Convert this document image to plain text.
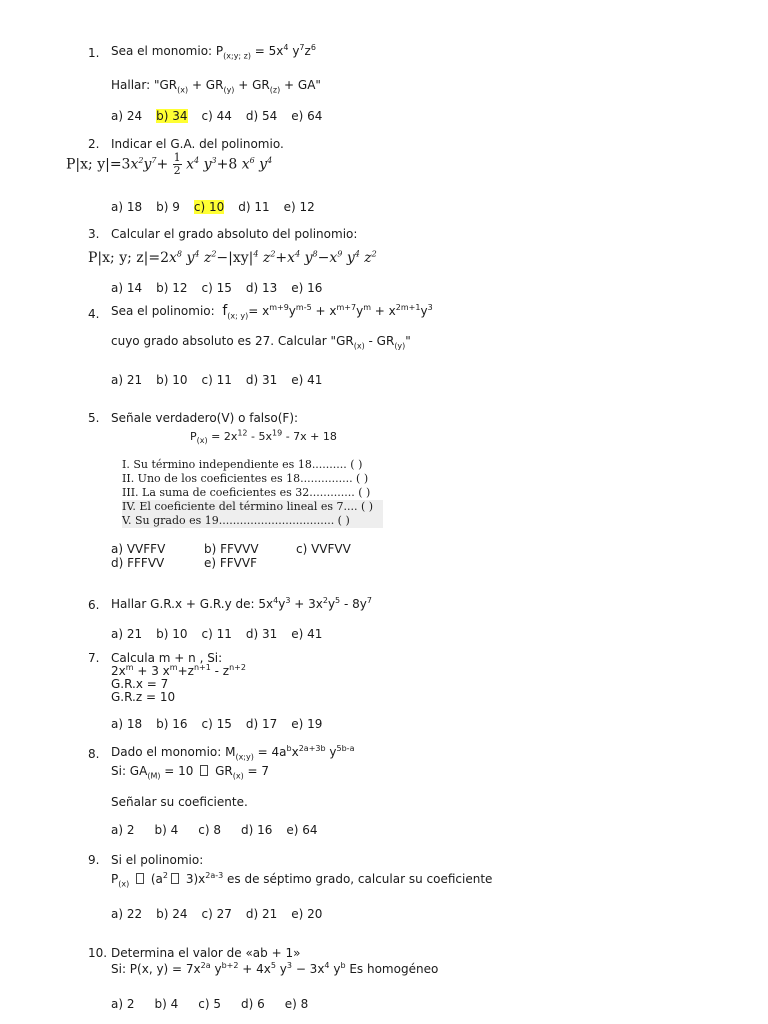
1. Sea el monomio: $P_{(x;y; z)} = 5x^4$ $y^7z^6$
Hallar: "$GR_{(x)} + GR_{(y)} + GR_{(z)}$ + GA"
a) 24 b) 34 c) 44 d) 54 e) 64
2. Indicar el G.A. del polinomio.
P|x; $y|=3x^2y^7+ \frac{1}{2} x^4$ $y^3+8$ $x^6$ $y^4$
a) 18 b) 9 c) 10 d) 11 e) 12
3. Calcular el grado absoluto del polinomio:
P|x; y; $z|=2x^8$ $y^4$ $z^2-|xy|^4$ $z^2+x^4$ $y^8-x^9$ $y^4$ $z^2$
a) 14 b) 12 c) 15 d) 13 e) 16
4. Sea el polinomio: $f_{(x; y)}= x^{m+9}y^{m-5} + x^{m+7}y^m + x^{2m+1}y^3$
cuyo grado absoluto es 27. Calcular "$GR_{(x)} - GR_{(y)}$"
a) 21 b) 10 c) 11 d) 31 e) 41
5. Señale verdadero(V) o falso(F):
$P_{(x)} = 2x^{12} - 5x^{19} - 7x + 18$
I. Su término independiente es 18.......... ( )
II. Uno de los coeficientes es 18............... ( )
III. La suma de coeficientes es 32............. ( )
IV. El coeficiente del término lineal es 7.... ( )
V. Su grado es 19................................. ( )
a) VVFFV	b) FFVVV	c) VVFVV
d) FFFVV	e) FFVVF
6. Hallar G.R.x + G.R.y de: $5x^4y^3 + 3x^2y^5 - 8y^7$
a) 21 b) 10 c) 11 d) 31 e) 41
7. Calcula m + n , Si:
$2x^m + 3$ $x^m+z^{n+1} - z^{n+2}$
G.R.x = 7
G.R.z = 10
a) 18 b) 16 c) 15 d) 17 e) 19
8. Dado el monomio: $M_{(x;y)} = 4a^bx^{2a+3b}$ $y^{5b-a}$
Si: $GA_{(M)} = 10$  $GR_{(x)} = 7$
Señalar su coeficiente.
a) 2 b) 4 c) 8 d) 16 e) 64
9. Si el polinomio:
$P_{(x)}$  ($a^2$ $3)x^{2a-3}$ es de séptimo grado, calcular su coeficiente
a) 22 b) 24 c) 27 d) 21 e) 20
10. Determina el valor de «ab + 1»
Si: P(x, $y) = 7x^{2a}$ $y^{b+2} + 4x^5$ $y^3 - 3x^4$ $y^b$ Es homogéneo
a) 2 b) 4 c) 5 d) 6 e) 8
